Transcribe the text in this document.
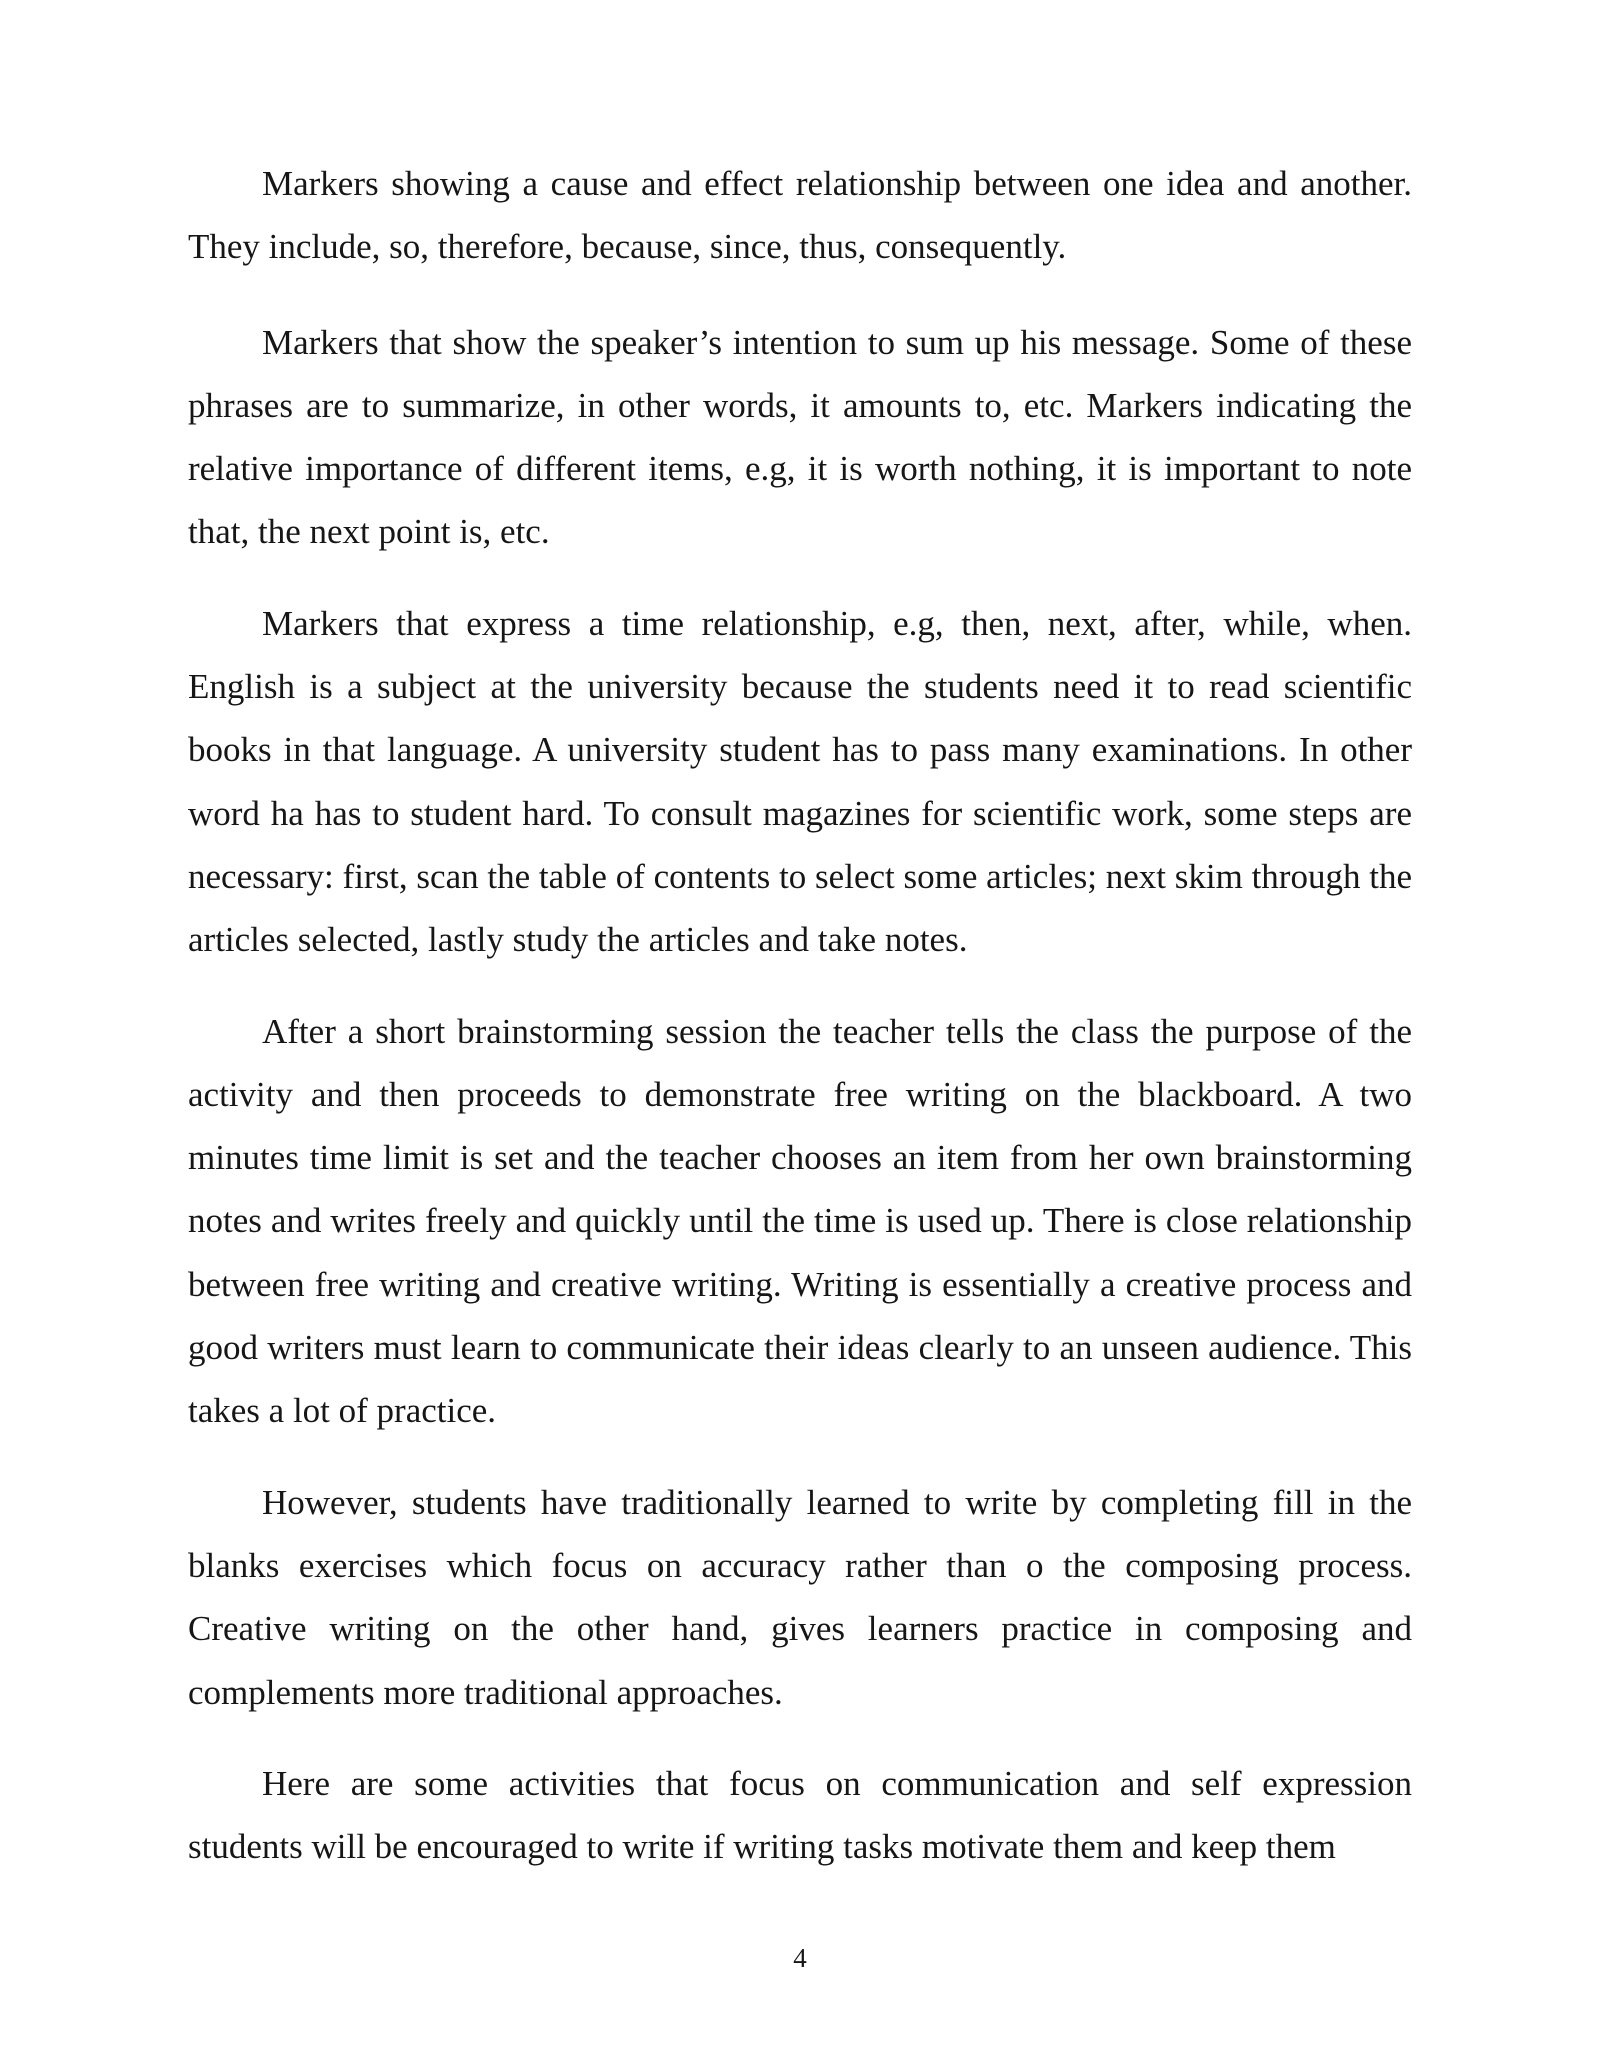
Markers showing a cause and effect relationship between one idea and another. They include, so, therefore, because, since, thus, consequently.

Markers that show the speaker’s intention to sum up his message. Some of these phrases are to summarize, in other words, it amounts to, etc. Markers indicating the relative importance of different items, e.g, it is worth nothing, it is important to note that, the next point is, etc.

Markers that express a time relationship, e.g, then, next, after, while, when. English is a subject at the university because the students need it to read scientific books in that language. A university student has to pass many examinations. In other word ha has to student hard. To consult magazines for scientific work, some steps are necessary: first, scan the table of contents to select some articles; next skim through the articles selected, lastly study the articles and take notes.

After a short brainstorming session the teacher tells the class the purpose of the activity and then proceeds to demonstrate free writing on the blackboard. A two minutes time limit is set and the teacher chooses an item from her own brainstorming notes and writes freely and quickly until the time is used up. There is close relationship between free writing and creative writing. Writing is essentially a creative process and good writers must learn to communicate their ideas clearly to an unseen audience. This takes a lot of practice.

However, students have traditionally learned to write by completing fill in the blanks exercises which focus on accuracy rather than o the composing process. Creative writing on the other hand, gives learners practice in composing and complements more traditional approaches.

Here are some activities that focus on communication and self expression students will be encouraged to write if writing tasks motivate them and keep them

4
